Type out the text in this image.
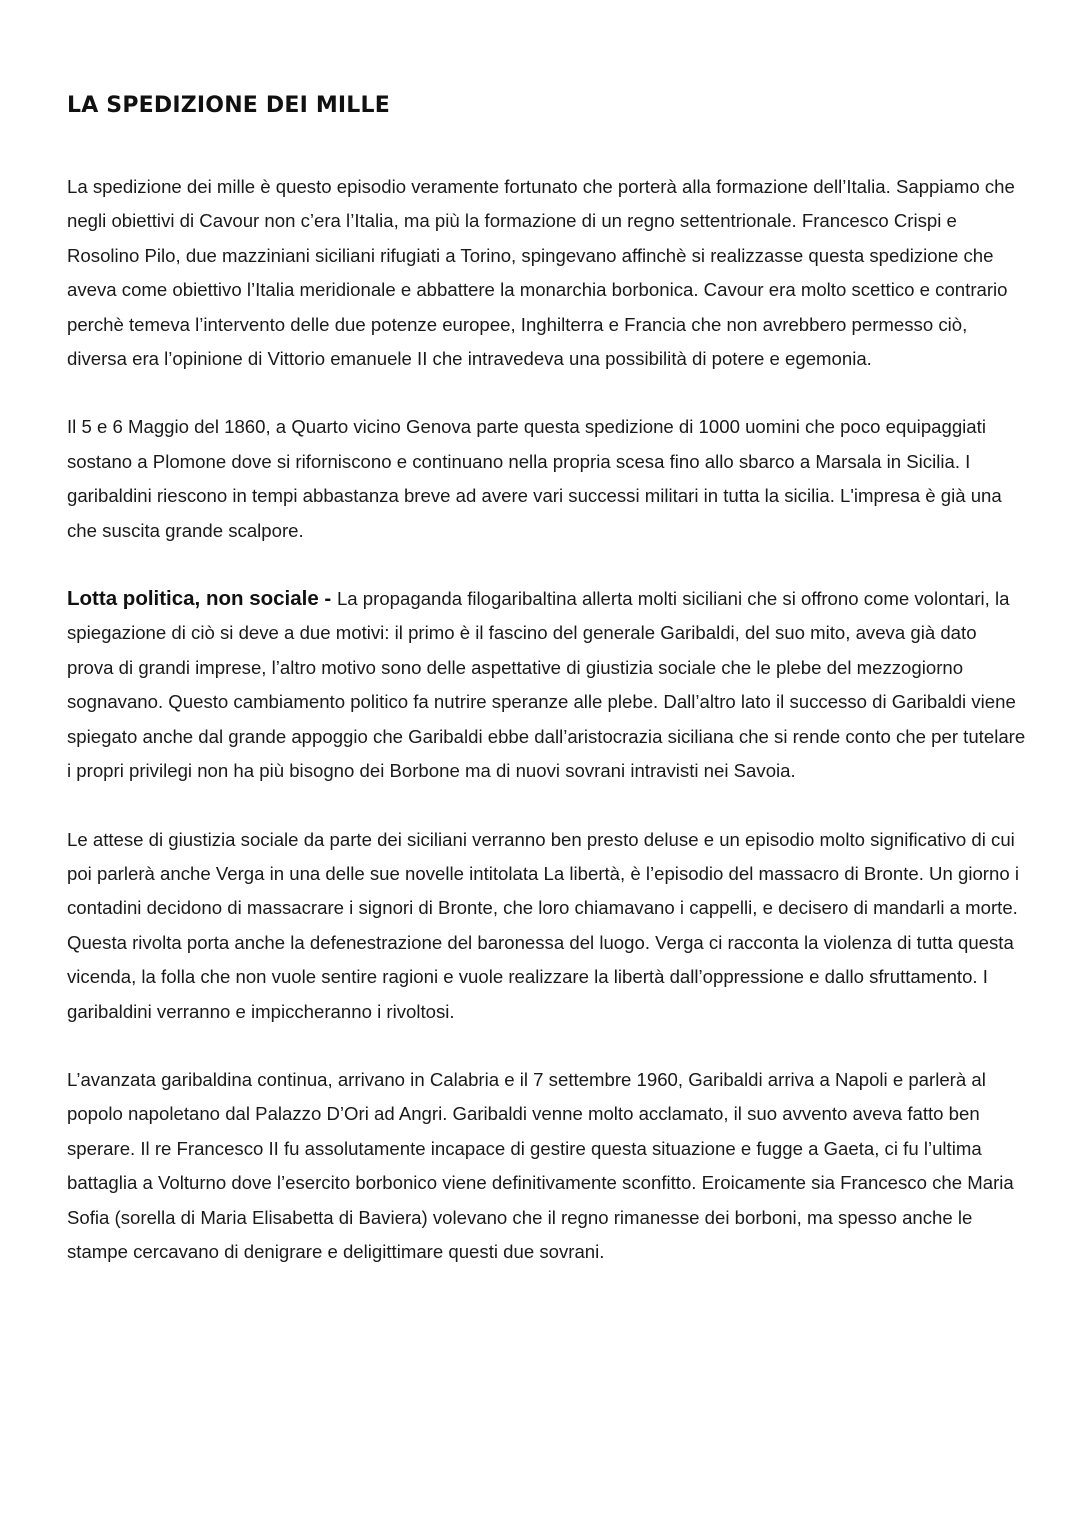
LA SPEDIZIONE DEI MILLE

La spedizione dei mille è questo episodio veramente fortunato che porterà alla formazione dell’Italia. Sappiamo che negli obiettivi di Cavour non c’era l’Italia, ma più la formazione di un regno settentrionale. Francesco Crispi e Rosolino Pilo, due mazziniani siciliani rifugiati a Torino, spingevano affinchè si realizzasse questa spedizione che aveva come obiettivo l’Italia meridionale e abbattere la monarchia borbonica. Cavour era molto scettico e contrario perchè temeva l’intervento delle due potenze europee, Inghilterra e Francia che non avrebbero permesso ciò, diversa era l’opinione di Vittorio emanuele II che intravedeva una possibilità di potere e egemonia.

Il 5 e 6 Maggio del 1860, a Quarto vicino Genova parte questa spedizione di 1000 uomini che poco equipaggiati sostano a Plomone dove si riforniscono e continuano nella propria scesa fino allo sbarco a Marsala in Sicilia. I garibaldini riescono in tempi abbastanza breve ad avere vari successi militari in tutta la sicilia. L'impresa è già una che suscita grande scalpore.

Lotta politica, non sociale - La propaganda filogaribaltina allerta molti siciliani che si offrono come volontari, la spiegazione di ciò si deve a due motivi: il primo è il fascino del generale Garibaldi, del suo mito, aveva già dato prova di grandi imprese, l’altro motivo sono delle aspettative di giustizia sociale che le plebe del mezzogiorno sognavano. Questo cambiamento politico fa nutrire speranze alle plebe. Dall’altro lato il successo di Garibaldi viene spiegato anche dal grande appoggio che Garibaldi ebbe dall’aristocrazia siciliana che si rende conto che per tutelare i propri privilegi non ha più bisogno dei Borbone ma di nuovi sovrani intravisti nei Savoia.

Le attese di giustizia sociale da parte dei siciliani verranno ben presto deluse e un episodio molto significativo di cui poi parlerà anche Verga in una delle sue novelle intitolata La libertà, è l’episodio del massacro di Bronte. Un giorno i contadini decidono di massacrare i signori di Bronte, che loro chiamavano i cappelli, e decisero di mandarli a morte. Questa rivolta porta anche la defenestrazione del baronessa del luogo. Verga ci racconta la violenza di tutta questa vicenda, la folla che non vuole sentire ragioni e vuole realizzare la libertà dall’oppressione e dallo sfruttamento. I garibaldini verranno e impiccheranno i rivoltosi.

L’avanzata garibaldina continua, arrivano in Calabria e il 7 settembre 1960, Garibaldi arriva a Napoli e parlerà al popolo napoletano dal Palazzo D’Ori ad Angri. Garibaldi venne molto acclamato, il suo avvento aveva fatto ben sperare. Il re Francesco II fu assolutamente incapace di gestire questa situazione e fugge a Gaeta, ci fu l’ultima battaglia a Volturno dove l’esercito borbonico viene definitivamente sconfitto. Eroicamente sia Francesco che Maria Sofia (sorella di Maria Elisabetta di Baviera) volevano che il regno rimanesse dei borboni, ma spesso anche le stampe cercavano di denigrare e deligittimare questi due sovrani.
